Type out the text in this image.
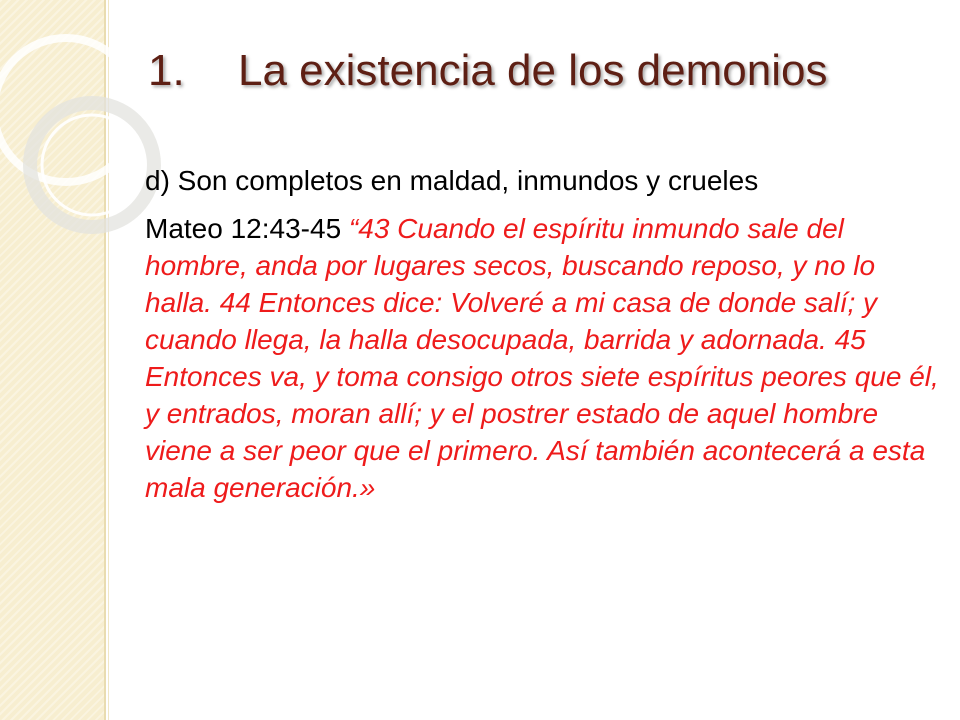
1.	La existencia de los demonios

d) Son completos en maldad, inmundos y crueles

Mateo 12:43-45 “43 Cuando el espíritu inmundo sale del hombre, anda por lugares secos, buscando reposo, y no lo halla. 44 Entonces dice: Volveré a mi casa de donde salí; y cuando llega, la halla desocupada, barrida y adornada. 45 Entonces va, y toma consigo otros siete espíritus peores que él, y entrados, moran allí; y el postrer estado de aquel hombre viene a ser peor que el primero. Así también acontecerá a esta mala generación.»
